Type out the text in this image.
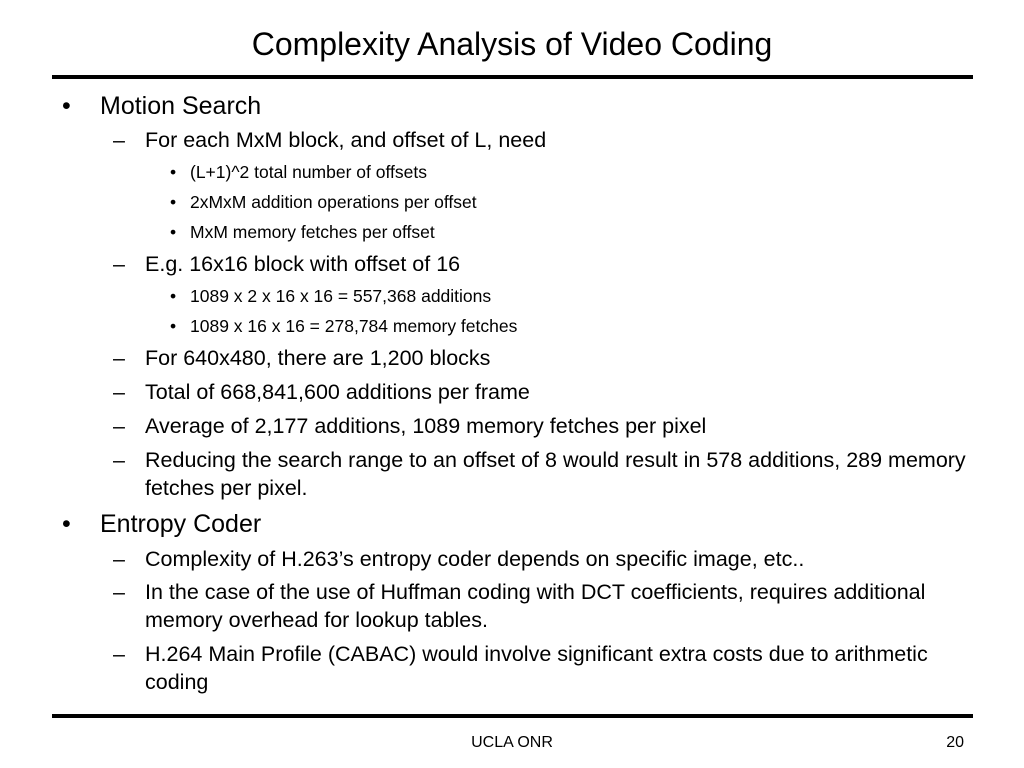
Complexity Analysis of Video Coding
• Motion Search
– For each MxM block, and offset of L, need
• (L+1)^2 total number of offsets
• 2xMxM addition operations per offset
• MxM memory fetches per offset
– E.g. 16x16 block with offset of 16
• 1089 x 2 x 16 x 16 = 557,368 additions
• 1089 x 16 x 16 = 278,784 memory fetches
– For 640x480, there are 1,200 blocks
– Total of 668,841,600 additions per frame
– Average of 2,177 additions, 1089 memory fetches per pixel
– Reducing the search range to an offset of 8 would result in 578 additions, 289 memory fetches per pixel.
• Entropy Coder
– Complexity of H.263’s entropy coder depends on specific image, etc..
– In the case of the use of Huffman coding with DCT coefficients, requires additional memory overhead for lookup tables.
– H.264 Main Profile (CABAC) would involve significant extra costs due to arithmetic coding
UCLA ONR	20
